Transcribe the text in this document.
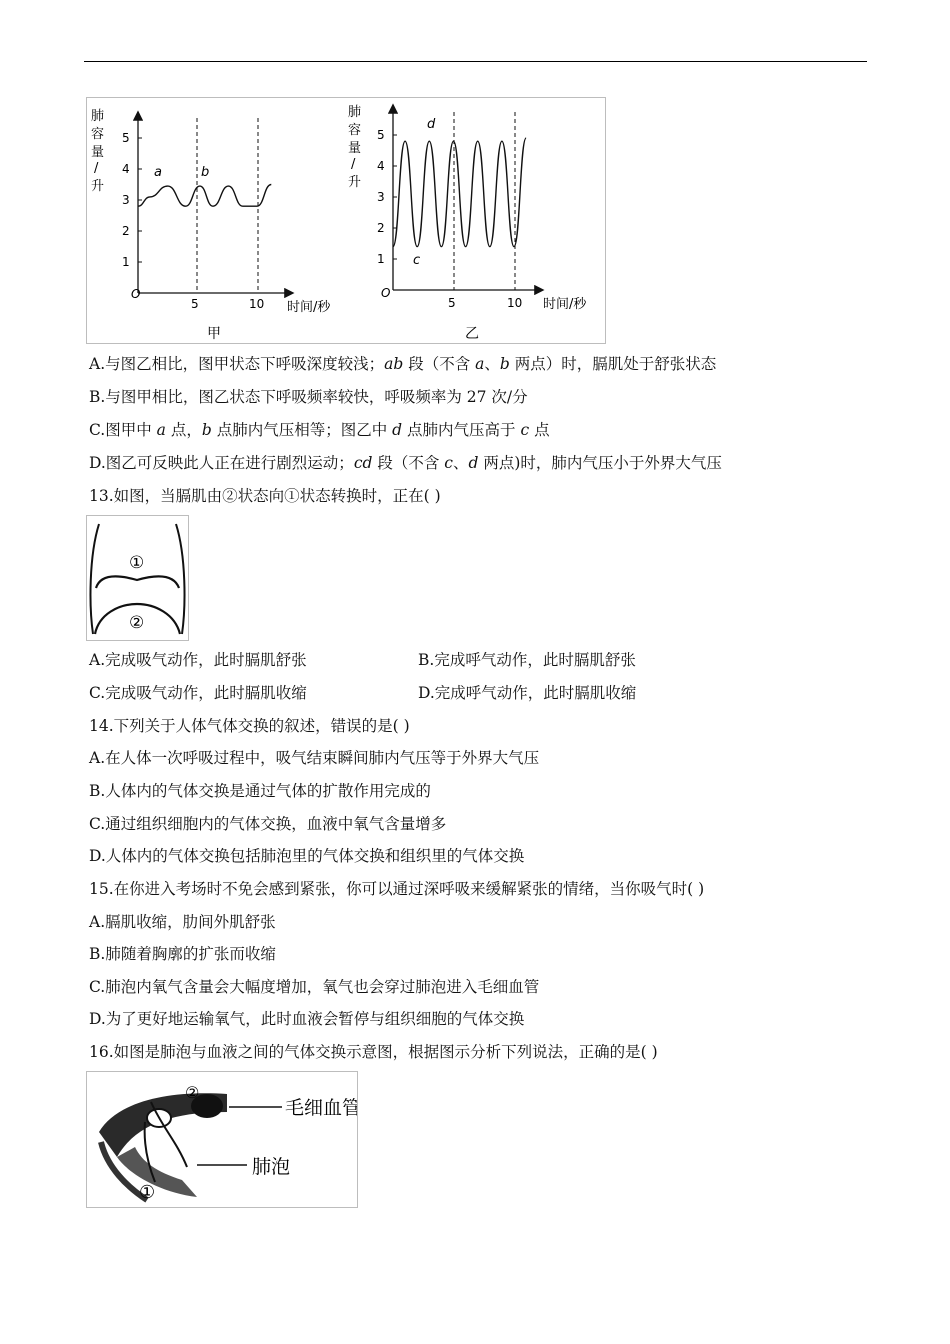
肺
容
量
/
升
5
4
3
2
1
a	b
O
5	10 时间/秒
甲
肺
容
量
/
升
5
4
3
2
1
d
c
O
5	10 时间/秒
乙
A.与图乙相比，图甲状态下呼吸深度较浅；ab 段（不含 a、b 两点）时，膈肌处于舒张状态
B.与图甲相比，图乙状态下呼吸频率较快，呼吸频率为 27 次/分
C.图甲中 a 点，b 点肺内气压相等；图乙中 d 点肺内气压高于 c 点
D.图乙可反映此人正在进行剧烈运动；cd 段（不含 c、d 两点)时，肺内气压小于外界大气压
13.如图，当膈肌由②状态向①状态转换时，正在( )
①
②
A.完成吸气动作，此时膈肌舒张	B.完成呼气动作，此时膈肌舒张
C.完成吸气动作，此时膈肌收缩	D.完成呼气动作，此时膈肌收缩
14.下列关于人体气体交换的叙述，错误的是( )
A.在人体一次呼吸过程中，吸气结束瞬间肺内气压等于外界大气压
B.人体内的气体交换是通过气体的扩散作用完成的
C.通过组织细胞内的气体交换，血液中氧气含量增多
D.人体内的气体交换包括肺泡里的气体交换和组织里的气体交换
15.在你进入考场时不免会感到紧张，你可以通过深呼吸来缓解紧张的情绪，当你吸气时( )
A.膈肌收缩，肋间外肌舒张
B.肺随着胸廓的扩张而收缩
C.肺泡内氧气含量会大幅度增加，氧气也会穿过肺泡进入毛细血管
D.为了更好地运输氧气，此时血液会暂停与组织细胞的气体交换
16.如图是肺泡与血液之间的气体交换示意图，根据图示分析下列说法，正确的是( )
毛细血管
肺泡
②
①
